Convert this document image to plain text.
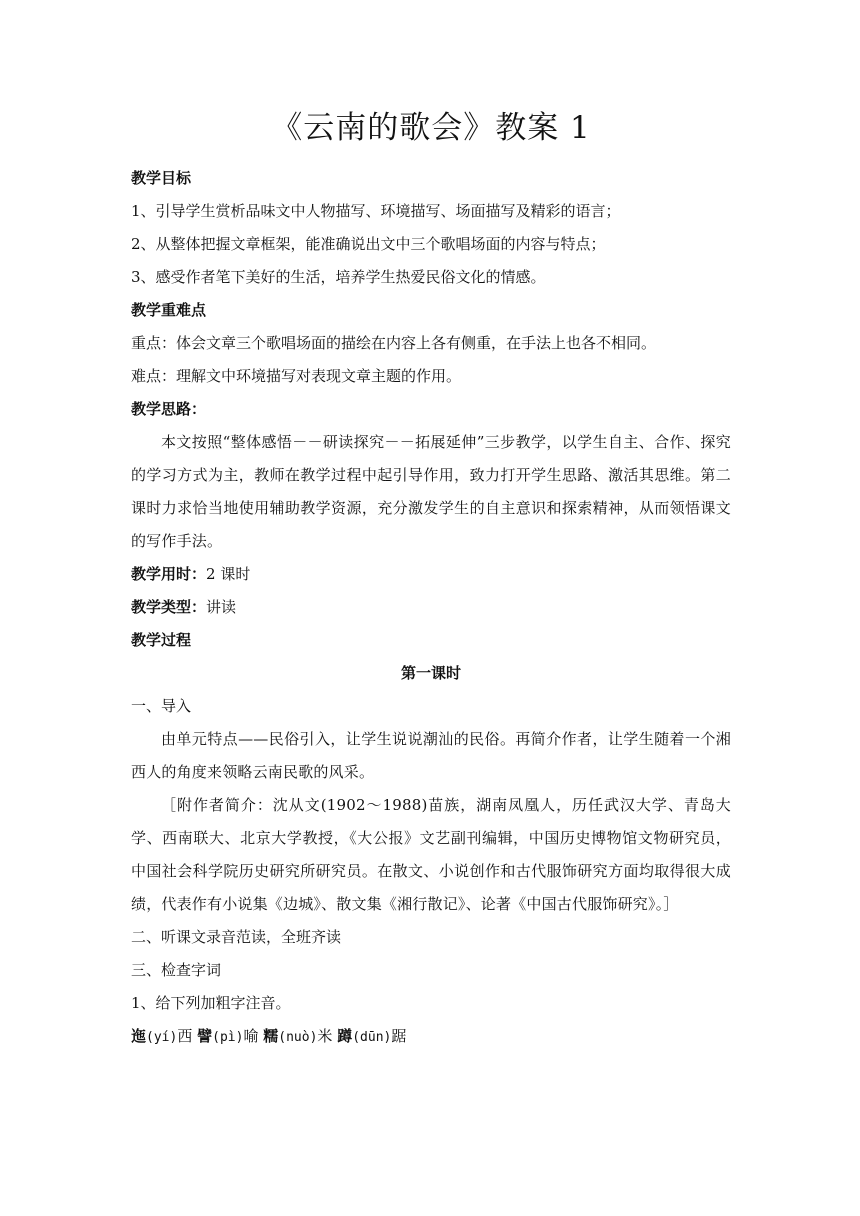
《云南的歌会》教案 1

教学目标

1、引导学生赏析品味文中人物描写、环境描写、场面描写及精彩的语言；

2、从整体把握文章框架，能准确说出文中三个歌唱场面的内容与特点；

3、感受作者笔下美好的生活，培养学生热爱民俗文化的情感。

教学重难点

重点：体会文章三个歌唱场面的描绘在内容上各有侧重，在手法上也各不相同。

难点：理解文中环境描写对表现文章主题的作用。

教学思路：

本文按照“整体感悟－－研读探究－－拓展延伸”三步教学，以学生自主、合作、探究的学习方式为主，教师在教学过程中起引导作用，致力打开学生思路、激活其思维。第二课时力求恰当地使用辅助教学资源，充分激发学生的自主意识和探索精神，从而领悟课文的写作手法。

教学用时：2 课时

教学类型：讲读

教学过程

第一课时

一、导入

由单元特点——民俗引入，让学生说说潮汕的民俗。再简介作者，让学生随着一个湘西人的角度来领略云南民歌的风采。

［附作者简介：沈从文(1902～1988)苗族，湖南凤凰人，历任武汉大学、青岛大学、西南联大、北京大学教授，《大公报》文艺副刊编辑，中国历史博物馆文物研究员，中国社会科学院历史研究所研究员。在散文、小说创作和古代服饰研究方面均取得很大成绩，代表作有小说集《边城》、散文集《湘行散记》、论著《中国古代服饰研究》。］

二、听课文录音范读，全班齐读

三、检查字词

1、给下列加粗字注音。

迤(yí)西 譬(pì)喻 糯(nuò)米 蹲(dūn)踞
